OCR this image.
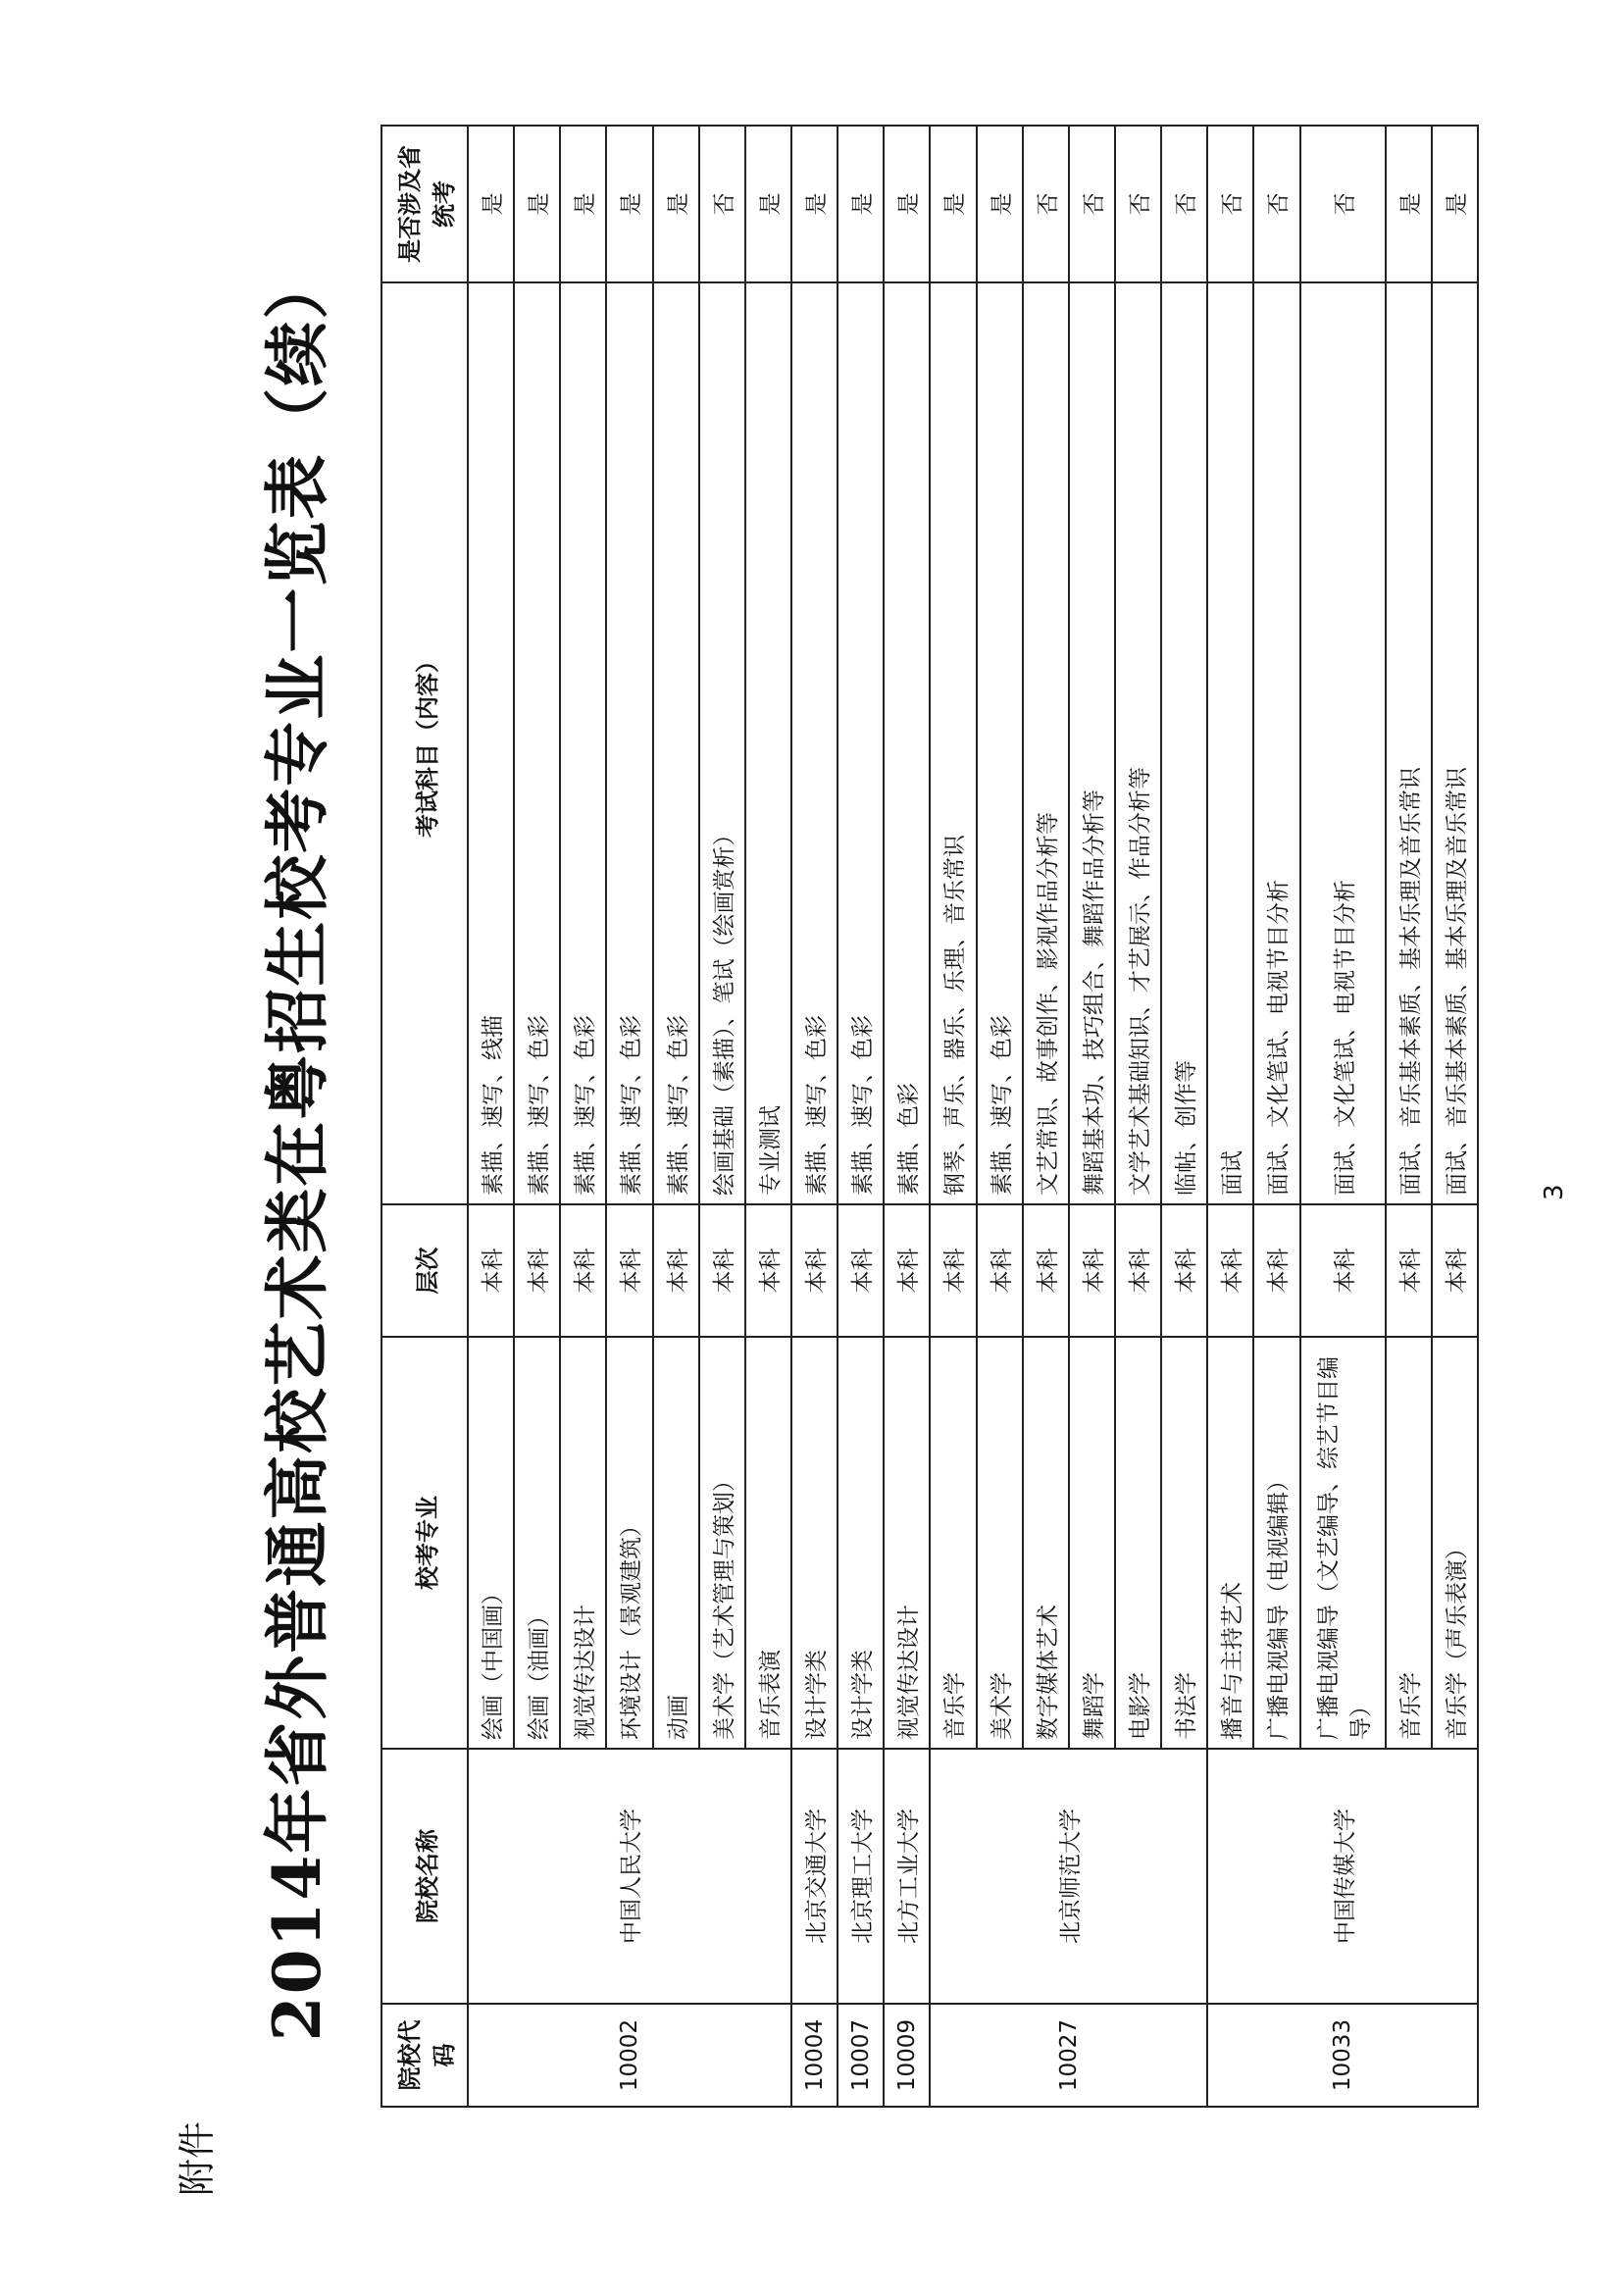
附件
2014年省外普通高校艺术类在粤招生校考专业一览表（续）
院校代码	院校名称	校考专业	层次	考试科目（内容）	是否涉及省统考
10002	中国人民大学	绘画（中国画）	本科	素描、速写、线描	是
		绘画（油画）	本科	素描、速写、色彩	是
		视觉传达设计	本科	素描、速写、色彩	是
		环境设计（景观建筑）	本科	素描、速写、色彩	是
		动画	本科	素描、速写、色彩	是
		美术学（艺术管理与策划）	本科	绘画基础（素描）、笔试（绘画赏析）	否
		音乐表演	本科	专业测试	是
10004	北京交通大学	设计学类	本科	素描、速写、色彩	是
10007	北京理工大学	设计学类	本科	素描、速写、色彩	是
10009	北方工业大学	视觉传达设计	本科	素描、色彩	是
10027	北京师范大学	音乐学	本科	钢琴、声乐、器乐、乐理、音乐常识	是
		美术学	本科	素描、速写、色彩	是
		数字媒体艺术	本科	文艺常识、故事创作、影视作品分析等	否
		舞蹈学	本科	舞蹈基本功、技巧组合、舞蹈作品分析等	否
		电影学	本科	文学艺术基础知识、才艺展示、作品分析等	否
		书法学	本科	临帖、创作等	否
10033	中国传媒大学	播音与主持艺术	本科	面试	否
		广播电视编导（电视编辑）	本科	面试、文化笔试、电视节目分析	否
		广播电视编导（文艺编导、综艺节目编导）	本科	面试、文化笔试、电视节目分析	否
		音乐学	本科	面试、音乐基本素质、基本乐理及音乐常识	是
		音乐学（声乐表演）	本科	面试、音乐基本素质、基本乐理及音乐常识	是
3
